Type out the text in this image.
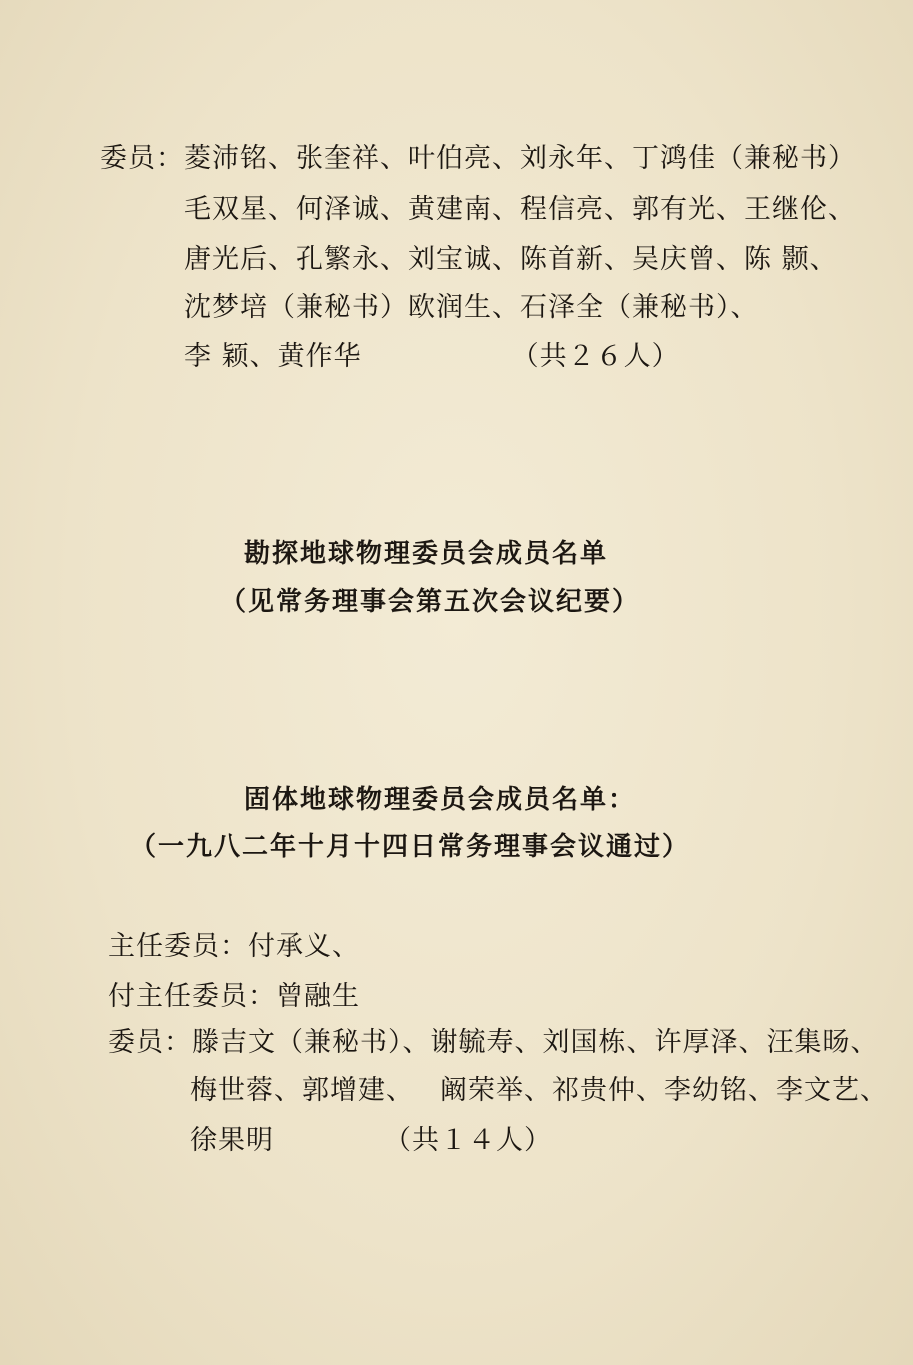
委员：菱沛铭、张奎祥、叶伯亮、刘永年、丁鸿佳（兼秘书）
毛双星、何泽诚、黄建南、程信亮、郭有光、王继伦、
唐光后、孔繁永、刘宝诚、陈首新、吴庆曾、陈 颢、
沈梦培（兼秘书）欧润生、石泽全（兼秘书）、
李 颖、黄作华	（共２６人）
勘探地球物理委员会成员名单
（见常务理事会第五次会议纪要）
固体地球物理委员会成员名单：
（一九八二年十月十四日常务理事会议通过）
主任委员：付承义、
付主任委员：曾融生
委员：滕吉文（兼秘书）、谢毓寿、刘国栋、许厚泽、汪集旸、
梅世蓉、郭增建、 阚荣举、祁贵仲、李幼铭、李文艺、
徐果明	（共１４人）
